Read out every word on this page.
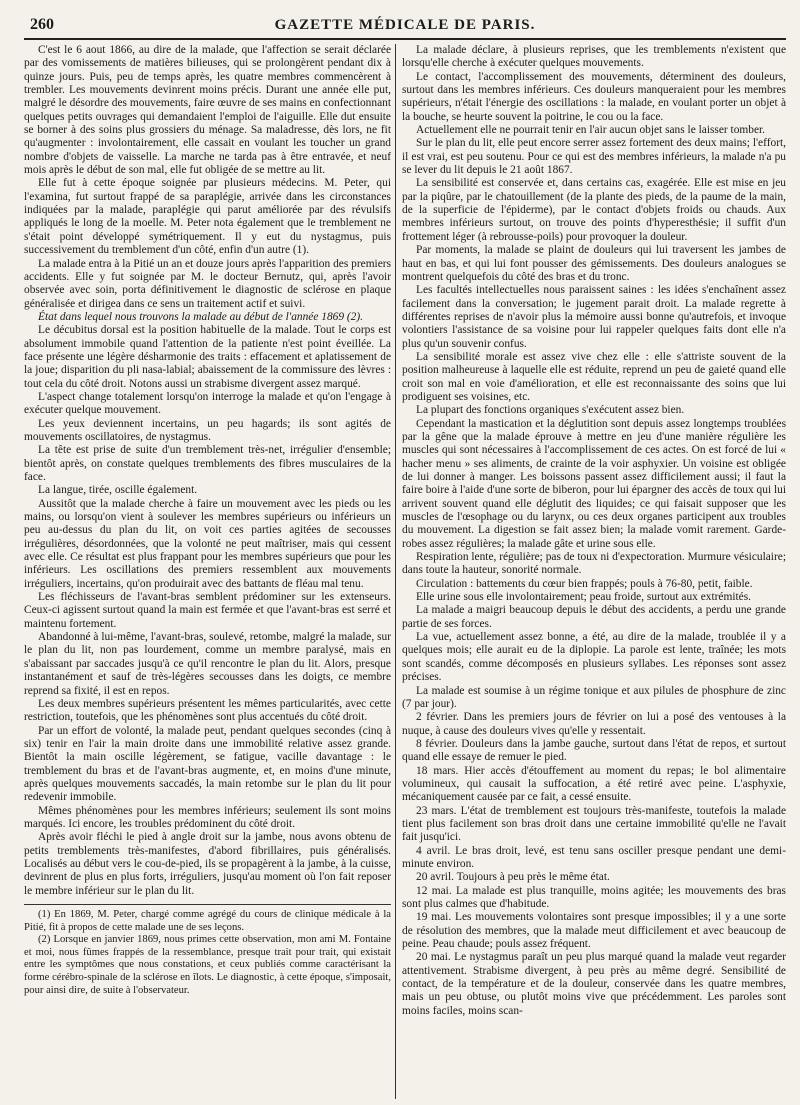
260	GAZETTE MÉDICALE DE PARIS.

C'est le 6 aout 1866, au dire de la malade, que l'affection se serait déclarée par des vomissements de matières bilieuses, qui se prolongèrent pendant dix à quinze jours. Puis, peu de temps après, les quatre membres commencèrent à trembler. Les mouvements devinrent moins précis. Durant une année elle put, malgré le désordre des mouvements, faire œuvre de ses mains en confectionnant quelques petits ouvrages qui demandaient l'emploi de l'aiguille. Elle dut ensuite se borner à des soins plus grossiers du ménage. Sa maladresse, dès lors, ne fit qu'augmenter : involontairement, elle cassait en voulant les toucher un grand nombre d'objets de vaisselle. La marche ne tarda pas à être entravée, et neuf mois après le début de son mal, elle fut obligée de se mettre au lit.

Elle fut à cette époque soignée par plusieurs médecins. M. Peter, qui l'examina, fut surtout frappé de sa paraplégie, arrivée dans les circonstances indiquées par la malade, paraplégie qui parut améliorée par des révulsifs appliqués le long de la moelle. M. Peter nota également que le tremblement ne s'était point développé symétriquement. Il y eut du nystagmus, puis successivement du tremblement d'un côté, enfin d'un autre (1).

La malade entra à la Pitié un an et douze jours après l'apparition des premiers accidents. Elle y fut soignée par M. le docteur Bernutz, qui, après l'avoir observée avec soin, porta définitivement le diagnostic de sclérose en plaque généralisée et dirigea dans ce sens un traitement actif et suivi.

État dans lequel nous trouvons la malade au début de l'année 1869 (2).

Le décubitus dorsal est la position habituelle de la malade. Tout le corps est absolument immobile quand l'attention de la patiente n'est point éveillée. La face présente une légère désharmonie des traits : effacement et aplatissement de la joue; disparition du pli nasa-labial; abaissement de la commissure des lèvres : tout cela du côté droit. Notons aussi un strabisme divergent assez marqué.

L'aspect change totalement lorsqu'on interroge la malade et qu'on l'engage à exécuter quelque mouvement.

Les yeux deviennent incertains, un peu hagards; ils sont agités de mouvements oscillatoires, de nystagmus.

La tête est prise de suite d'un tremblement très-net, irrégulier d'ensemble; bientôt après, on constate quelques tremblements des fibres musculaires de la face.

La langue, tirée, oscille également.

Aussitôt que la malade cherche à faire un mouvement avec les pieds ou les mains, ou lorsqu'on vient à soulever les membres supérieurs ou inférieurs un peu au-dessus du plan du lit, on voit ces parties agitées de secousses irrégulières, désordonnées, que la volonté ne peut maîtriser, mais qui cessent avec elle. Ce résultat est plus frappant pour les membres supérieurs que pour les inférieurs. Les oscillations des premiers ressemblent aux mouvements irréguliers, incertains, qu'on produirait avec des battants de fléau mal tenu.

Les fléchisseurs de l'avant-bras semblent prédominer sur les extenseurs. Ceux-ci agissent surtout quand la main est fermée et que l'avant-bras est serré et maintenu fortement.

Abandonné à lui-même, l'avant-bras, soulevé, retombe, malgré la malade, sur le plan du lit, non pas lourdement, comme un membre paralysé, mais en s'abaissant par saccades jusqu'à ce qu'il rencontre le plan du lit. Alors, presque instantanément et sauf de très-légères secousses dans les doigts, ce membre reprend sa fixité, il est en repos.

Les deux membres supérieurs présentent les mêmes particularités, avec cette restriction, toutefois, que les phénomènes sont plus accentués du côté droit.

Par un effort de volonté, la malade peut, pendant quelques secondes (cinq à six) tenir en l'air la main droite dans une immobilité relative assez grande. Bientôt la main oscille légèrement, se fatigue, vacille davantage : le tremblement du bras et de l'avant-bras augmente, et, en moins d'une minute, après quelques mouvements saccadés, la main retombe sur le plan du lit pour redevenir immobile.

Mêmes phénomènes pour les membres inférieurs; seulement ils sont moins marqués. Ici encore, les troubles prédominent du côté droit.

Après avoir fléchi le pied à angle droit sur la jambe, nous avons obtenu de petits tremblements très-manifestes, d'abord fibrillaires, puis généralisés. Localisés au début vers le cou-de-pied, ils se propagèrent à la jambe, à la cuisse, devinrent de plus en plus forts, irréguliers, jusqu'au moment où l'on fait reposer le membre inférieur sur le plan du lit.

(1) En 1869, M. Peter, chargé comme agrégé du cours de clinique médicale à la Pitié, fit à propos de cette malade une de ses leçons.

(2) Lorsque en janvier 1869, nous primes cette observation, mon ami M. Fontaine et moi, nous fûmes frappés de la ressemblance, presque trait pour trait, qui existait entre les symptômes que nous constations, et ceux publiés comme caractérisant la forme cérébro-spinale de la sclérose en îlots. Le diagnostic, à cette époque, s'imposait, pour ainsi dire, de suite à l'observateur.

La malade déclare, à plusieurs reprises, que les tremblements n'existent que lorsqu'elle cherche à exécuter quelques mouvements.

Le contact, l'accomplissement des mouvements, déterminent des douleurs, surtout dans les membres inférieurs. Ces douleurs manqueraient pour les membres supérieurs, n'était l'énergie des oscillations : la malade, en voulant porter un objet à la bouche, se heurte souvent la poitrine, le cou ou la face.

Actuellement elle ne pourrait tenir en l'air aucun objet sans le laisser tomber.

Sur le plan du lit, elle peut encore serrer assez fortement des deux mains; l'effort, il est vrai, est peu soutenu. Pour ce qui est des membres inférieurs, la malade n'a pu se lever du lit depuis le 21 août 1867.

La sensibilité est conservée et, dans certains cas, exagérée. Elle est mise en jeu par la piqûre, par le chatouillement (de la plante des pieds, de la paume de la main, de la superficie de l'épiderme), par le contact d'objets froids ou chauds. Aux membres inférieurs surtout, on trouve des points d'hyperesthésie; il suffit d'un frottement léger (à rebrousse-poils) pour provoquer la douleur.

Par moments, la malade se plaint de douleurs qui lui traversent les jambes de haut en bas, et qui lui font pousser des gémissements. Des douleurs analogues se montrent quelquefois du côté des bras et du tronc.

Les facultés intellectuelles nous paraissent saines : les idées s'enchaînent assez facilement dans la conversation; le jugement parait droit. La malade regrette à différentes reprises de n'avoir plus la mémoire aussi bonne qu'autrefois, et invoque volontiers l'assistance de sa voisine pour lui rappeler quelques faits dont elle n'a plus qu'un souvenir confus.

La sensibilité morale est assez vive chez elle : elle s'attriste souvent de la position malheureuse à laquelle elle est réduite, reprend un peu de gaieté quand elle croit son mal en voie d'amélioration, et elle est reconnaissante des soins que lui prodiguent ses voisines, etc.

La plupart des fonctions organiques s'exécutent assez bien.

Cependant la mastication et la déglutition sont depuis assez longtemps troublées par la gêne que la malade éprouve à mettre en jeu d'une manière régulière les muscles qui sont nécessaires à l'accomplissement de ces actes. On est forcé de lui « hacher menu » ses aliments, de crainte de la voir asphyxier. Un voisine est obligée de lui donner à manger. Les boissons passent assez difficilement aussi; il faut la faire boire à l'aide d'une sorte de biberon, pour lui épargner des accès de toux qui lui arrivent souvent quand elle déglutit des liquides; ce qui faisait supposer que les muscles de l'œsophage ou du larynx, ou ces deux organes participent aux troubles du mouvement. La digestion se fait assez bien; la malade vomit rarement. Garde-robes assez régulières; la malade gâte et urine sous elle.

Respiration lente, régulière; pas de toux ni d'expectoration. Murmure vésiculaire; dans toute la hauteur, sonorité normale.

Circulation : battements du cœur bien frappés; pouls à 76-80, petit, faible.

Elle urine sous elle involontairement; peau froide, surtout aux extrémités.

La malade a maigri beaucoup depuis le début des accidents, a perdu une grande partie de ses forces.

La vue, actuellement assez bonne, a été, au dire de la malade, troublée il y a quelques mois; elle aurait eu de la diplopie. La parole est lente, traînée; les mots sont scandés, comme décomposés en plusieurs syllabes. Les réponses sont assez précises.

La malade est soumise à un régime tonique et aux pilules de phosphure de zinc (7 par jour).

2 février. Dans les premiers jours de février on lui a posé des ventouses à la nuque, à cause des douleurs vives qu'elle y ressentait.

8 février. Douleurs dans la jambe gauche, surtout dans l'état de repos, et surtout quand elle essaye de remuer le pied.

18 mars. Hier accès d'étouffement au moment du repas; le bol alimentaire volumineux, qui causait la suffocation, a été retiré avec peine. L'asphyxie, mécaniquement causée par ce fait, a cessé ensuite.

23 mars. L'état de tremblement est toujours très-manifeste, toutefois la malade tient plus facilement son bras droit dans une certaine immobilité qu'elle ne l'avait fait jusqu'ici.

4 avril. Le bras droit, levé, est tenu sans osciller presque pendant une demi-minute environ.

20 avril. Toujours à peu près le même état.

12 mai. La malade est plus tranquille, moins agitée; les mouvements des bras sont plus calmes que d'habitude.

19 mai. Les mouvements volontaires sont presque impossibles; il y a une sorte de résolution des membres, que la malade meut difficilement et avec beaucoup de peine. Peau chaude; pouls assez fréquent.

20 mai. Le nystagmus paraît un peu plus marqué quand la malade veut regarder attentivement. Strabisme divergent, à peu près au même degré. Sensibilité de contact, de la température et de la douleur, conservée dans les quatre membres, mais un peu obtuse, ou plutôt moins vive que précédemment. Les paroles sont moins faciles, moins scan-
